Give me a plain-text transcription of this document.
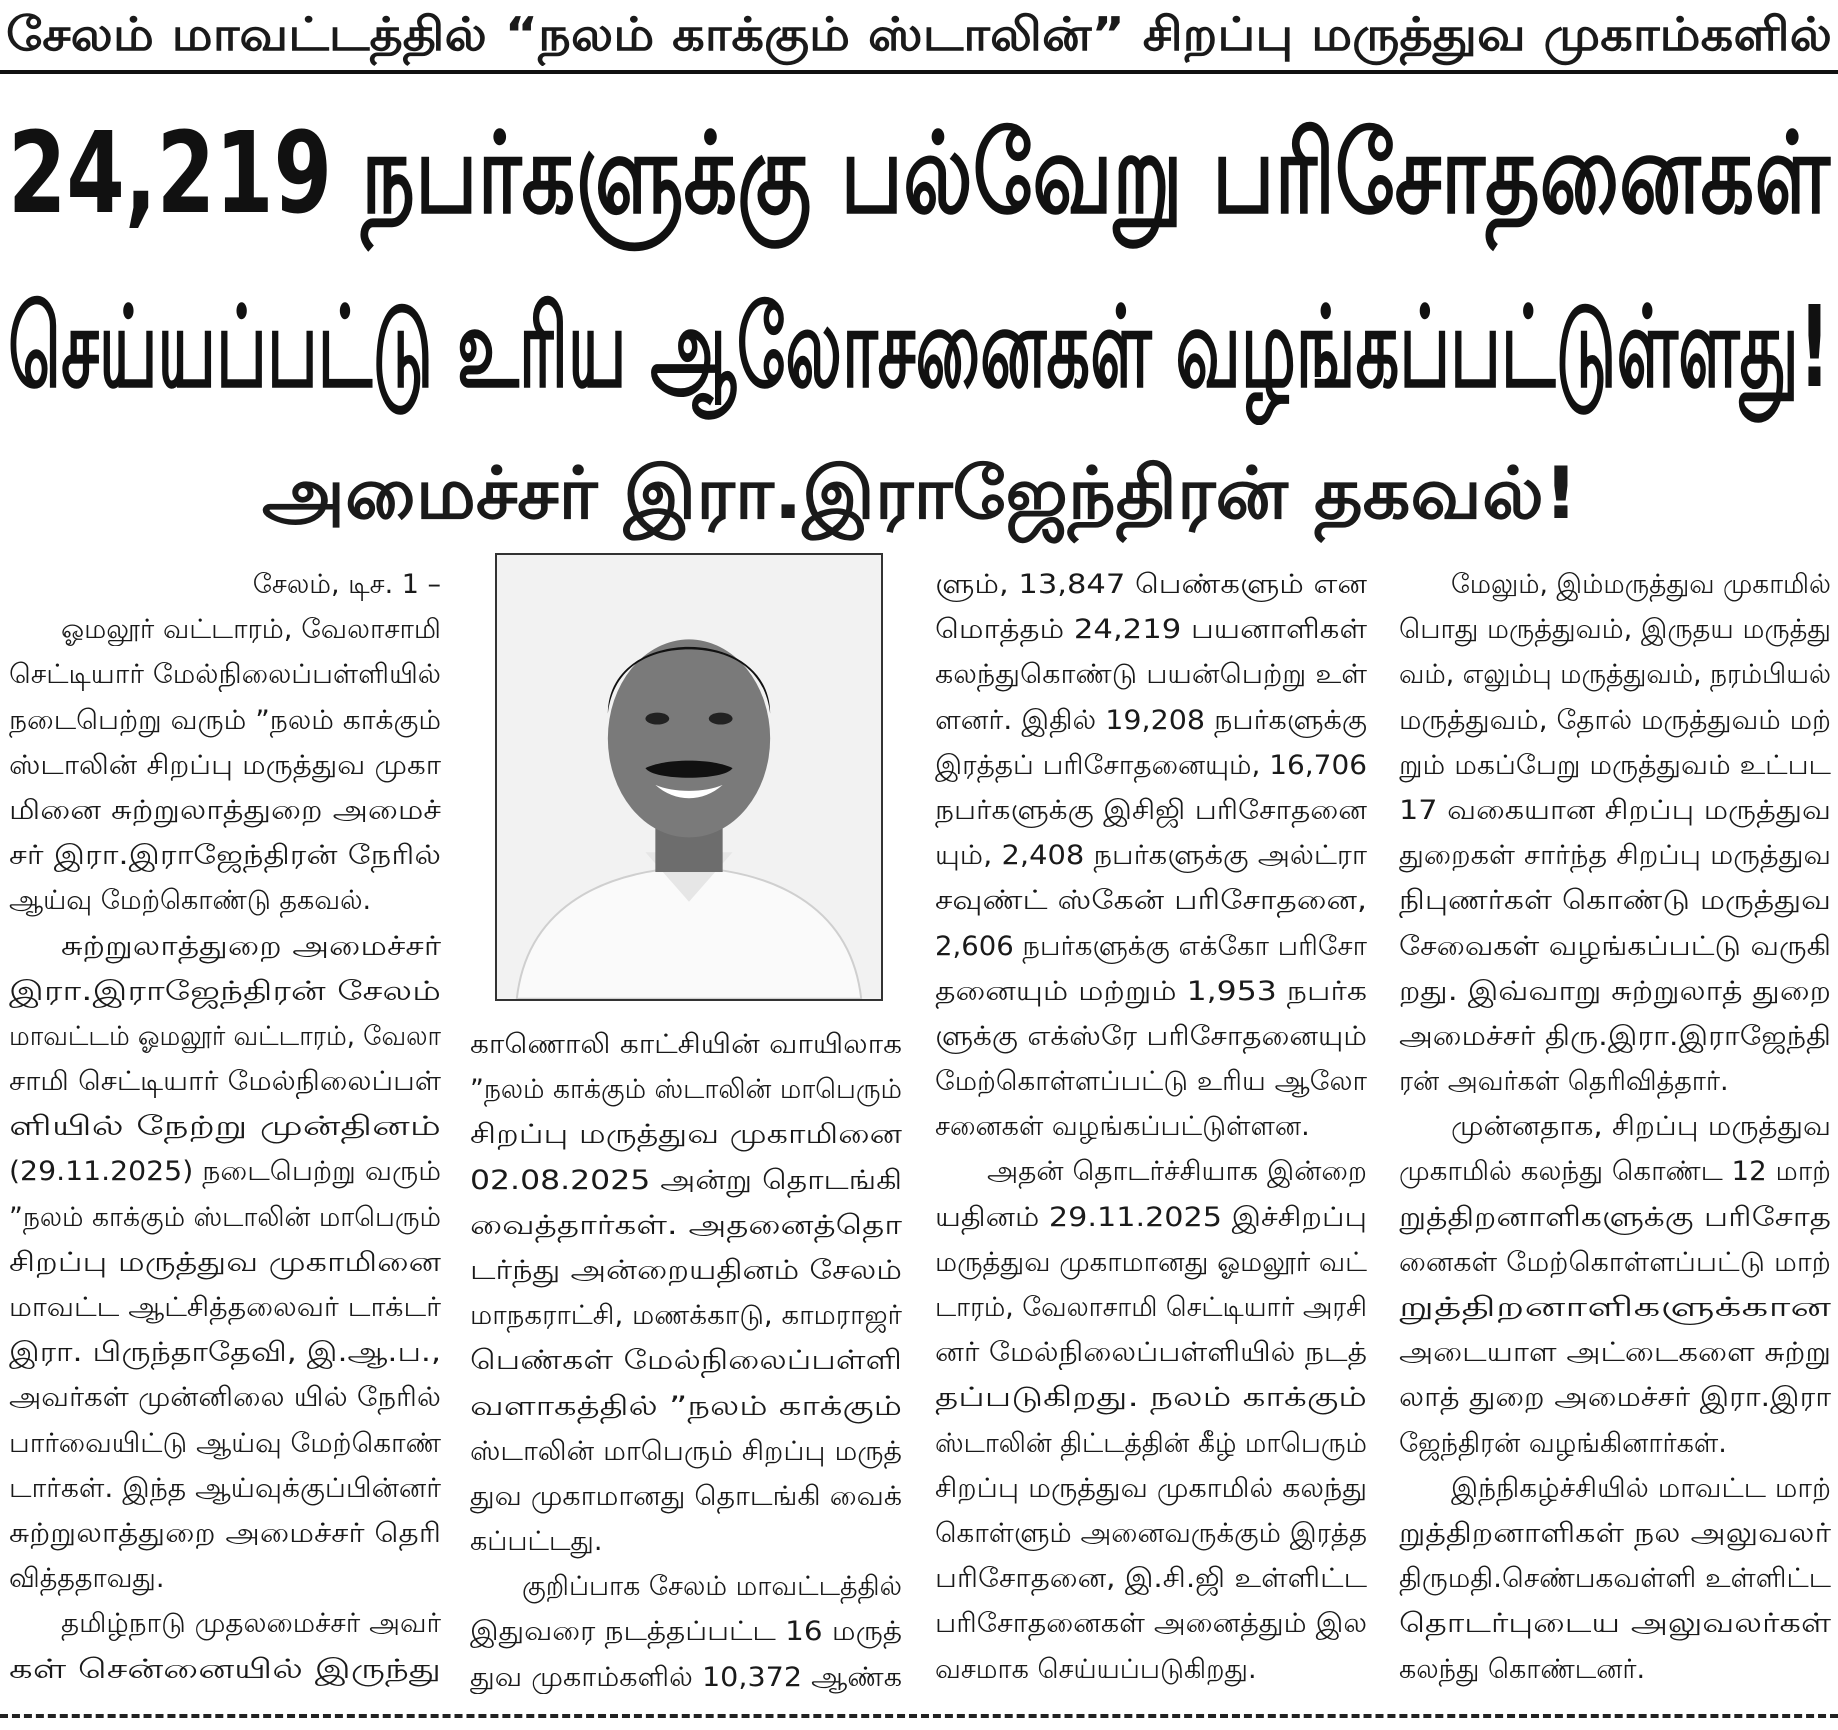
சேலம் மாவட்டத்தில் “நலம் காக்கும் ஸ்டாலின்” சிறப்பு மருத்துவ முகாம்களில்
24,219 நபர்களுக்கு பல்வேறு பரிசோதனைகள்
செய்யப்பட்டு உரிய ஆலோசனைகள் வழங்கப்பட்டுள்ளது!
அமைச்சர் இரா.இராஜேந்திரன் தகவல்!
சேலம், டிச. 1 –
ஓமலூர் வட்டாரம், வேலாசாமி
செட்டியார் மேல்நிலைப்பள்ளியில்
நடைபெற்று வரும் ”நலம் காக்கும்
ஸ்டாலின் சிறப்பு மருத்துவ முகா
மினை சுற்றுலாத்துறை அமைச்
சர் இரா.இராஜேந்திரன் நேரில்
ஆய்வு மேற்கொண்டு தகவல்.
சுற்றுலாத்துறை அமைச்சர்
இரா.இராஜேந்திரன் சேலம்
மாவட்டம் ஓமலூர் வட்டாரம், வேலா
சாமி செட்டியார் மேல்நிலைப்பள்
ளியில் நேற்று முன்தினம்
(29.11.2025) நடைபெற்று வரும்
”நலம் காக்கும் ஸ்டாலின் மாபெரும்
சிறப்பு மருத்துவ முகாமினை
மாவட்ட ஆட்சித்தலைவர் டாக்டர்
இரா. பிருந்தாதேவி, இ.ஆ.ப.,
அவர்கள் முன்னிலை யில் நேரில்
பார்வையிட்டு ஆய்வு மேற்கொண்
டார்கள். இந்த ஆய்வுக்குப்பின்னர்
சுற்றுலாத்துறை அமைச்சர் தெரி
வித்ததாவது.
தமிழ்நாடு முதலமைச்சர் அவர்
கள் சென்னையில் இருந்து
காணொலி காட்சியின் வாயிலாக
”நலம் காக்கும் ஸ்டாலின் மாபெரும்
சிறப்பு மருத்துவ முகாமினை
02.08.2025 அன்று தொடங்கி
வைத்தார்கள். அதனைத்தொ
டர்ந்து அன்றையதினம் சேலம்
மாநகராட்சி, மணக்காடு, காமராஜர்
பெண்கள் மேல்நிலைப்பள்ளி
வளாகத்தில் ”நலம் காக்கும்
ஸ்டாலின் மாபெரும் சிறப்பு மருத்
துவ முகாமானது தொடங்கி வைக்
கப்பட்டது.
குறிப்பாக சேலம் மாவட்டத்தில்
இதுவரை நடத்தப்பட்ட 16 மருத்
துவ முகாம்களில் 10,372 ஆண்க
ளும், 13,847 பெண்களும் என
மொத்தம் 24,219 பயனாளிகள்
கலந்துகொண்டு பயன்பெற்று உள்
ளனர். இதில் 19,208 நபர்களுக்கு
இரத்தப் பரிசோதனையும், 16,706
நபர்களுக்கு இசிஜி பரிசோதனை
யும், 2,408 நபர்களுக்கு அல்ட்ரா
சவுண்ட் ஸ்கேன் பரிசோதனை,
2,606 நபர்களுக்கு எக்கோ பரிசோ
தனையும் மற்றும் 1,953 நபர்க
ளுக்கு எக்ஸ்ரே பரிசோதனையும்
மேற்கொள்ளப்பட்டு உரிய ஆலோ
சனைகள் வழங்கப்பட்டுள்ளன.
அதன் தொடர்ச்சியாக இன்றை
யதினம் 29.11.2025 இச்சிறப்பு
மருத்துவ முகாமானது ஓமலூர் வட்
டாரம், வேலாசாமி செட்டியார் அரசி
னர் மேல்நிலைப்பள்ளியில் நடத்
தப்படுகிறது. நலம் காக்கும்
ஸ்டாலின் திட்டத்தின் கீழ் மாபெரும்
சிறப்பு மருத்துவ முகாமில் கலந்து
கொள்ளும் அனைவருக்கும் இரத்த
பரிசோதனை, இ.சி.ஜி உள்ளிட்ட
பரிசோதனைகள் அனைத்தும் இல
வசமாக செய்யப்படுகிறது.
மேலும், இம்மருத்துவ முகாமில்
பொது மருத்துவம், இருதய மருத்து
வம், எலும்பு மருத்துவம், நரம்பியல்
மருத்துவம், தோல் மருத்துவம் மற்
றும் மகப்பேறு மருத்துவம் உட்பட
17 வகையான சிறப்பு மருத்துவ
துறைகள் சார்ந்த சிறப்பு மருத்துவ
நிபுணர்கள் கொண்டு மருத்துவ
சேவைகள் வழங்கப்பட்டு வருகி
றது. இவ்வாறு சுற்றுலாத் துறை
அமைச்சர் திரு.இரா.இராஜேந்தி
ரன் அவர்கள் தெரிவித்தார்.
முன்னதாக, சிறப்பு மருத்துவ
முகாமில் கலந்து கொண்ட 12 மாற்
றுத்திறனாளிகளுக்கு பரிசோத
னைகள் மேற்கொள்ளப்பட்டு மாற்
றுத்திறனாளிகளுக்கான
அடையாள அட்டைகளை சுற்று
லாத் துறை அமைச்சர் இரா.இரா
ஜேந்திரன் வழங்கினார்கள்.
இந்நிகழ்ச்சியில் மாவட்ட மாற்
றுத்திறனாளிகள் நல அலுவலர்
திருமதி.செண்பகவள்ளி உள்ளிட்ட
தொடர்புடைய அலுவலர்கள்
கலந்து கொண்டனர்.
